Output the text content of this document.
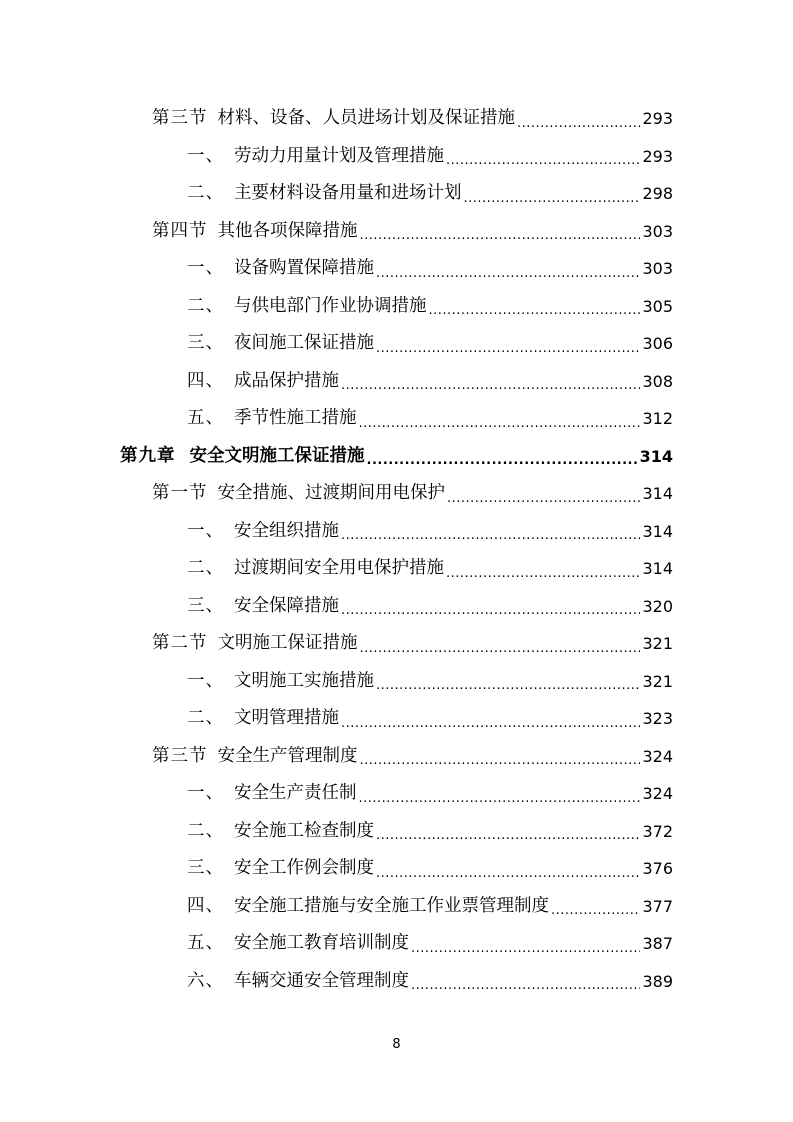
第三节 材料、设备、人员进场计划及保证措施 .....	293
一、 劳动力用量计划及管理措施 .....	293
二、 主要材料设备用量和进场计划 .....	298
第四节 其他各项保障措施 .....	303
一、 设备购置保障措施 .....	303
二、 与供电部门作业协调措施 .....	305
三、 夜间施工保证措施 .....	306
四、 成品保护措施 .....	308
五、 季节性施工措施 .....	312
第九章 安全文明施工保证措施 .....	314
第一节 安全措施、过渡期间用电保护 .....	314
一、 安全组织措施 .....	314
二、 过渡期间安全用电保护措施 .....	314
三、 安全保障措施 .....	320
第二节 文明施工保证措施 .....	321
一、 文明施工实施措施 .....	321
二、 文明管理措施 .....	323
第三节 安全生产管理制度 .....	324
一、 安全生产责任制 .....	324
二、 安全施工检查制度 .....	372
三、 安全工作例会制度 .....	376
四、 安全施工措施与安全施工作业票管理制度 .....	377
五、 安全施工教育培训制度 .....	387
六、 车辆交通安全管理制度 .....	389
8
